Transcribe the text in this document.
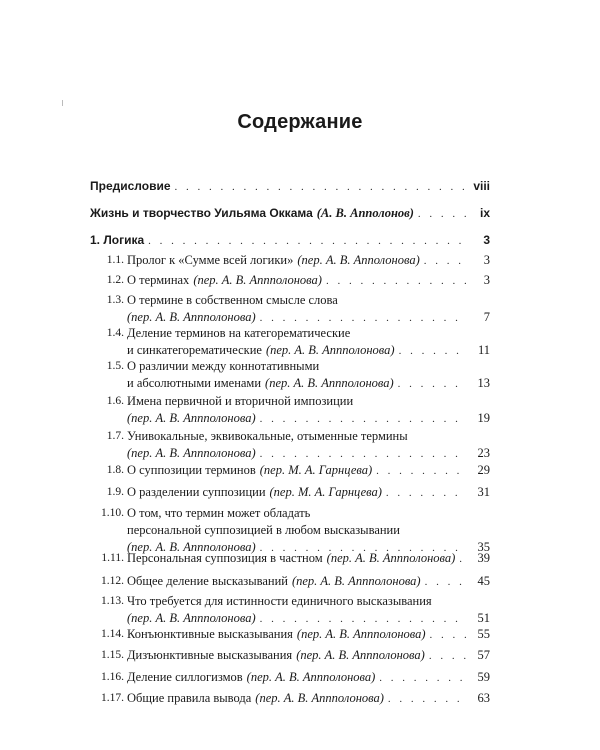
Содержание
Предисловие . . .	viii
Жизнь и творчество Уильяма Оккама (А. В. Апполонов) . . .	ix
1. Логика . . .	3
1.1. Пролог к «Сумме всей логики» (пер. А. В. Апполонова) . . .	3
1.2. О терминах (пер. А. В. Аппполонова) . . .	3
1.3. О термине в собственном смысле слова
(пер. А. В. Аппполонова) . . .	7
1.4. Деление терминов на категорематические
и синкатегорематические (пер. А. В. Аппполонова) . . .	11
1.5. О различии между коннотативными
и абсолютными именами (пер. А. В. Аппполонова) . . .	13
1.6. Имена первичной и вторичной импозиции
(пер. А. В. Аппполонова) . . .	19
1.7. Унивокальные, эквивокальные, отыменные термины
(пер. А. В. Аппполонова) . . .	23
1.8. О суппозиции терминов (пер. М. А. Гарнцева) . . .	29
1.9. О разделении суппозиции (пер. М. А. Гарнцева) . . .	31
1.10. О том, что термин может обладать
персональной суппозицией в любом высказывании
(пер. А. В. Аппполонова) . . .	35
1.11. Персональная суппозиция в частном (пер. А. В. Аппполонова) . . .	39
1.12. Общее деление высказываний (пер. А. В. Аппполонова) . . .	45
1.13. Что требуется для истинности единичного высказывания
(пер. А. В. Аппполонова) . . .	51
1.14. Конъюнктивные высказывания (пер. А. В. Аппполонова) . . .	55
1.15. Дизъюнктивные высказывания (пер. А. В. Аппполонова) . . .	57
1.16. Деление силлогизмов (пер. А. В. Аппполонова) . . .	59
1.17. Общие правила вывода (пер. А. В. Аппполонова) . . .	63
